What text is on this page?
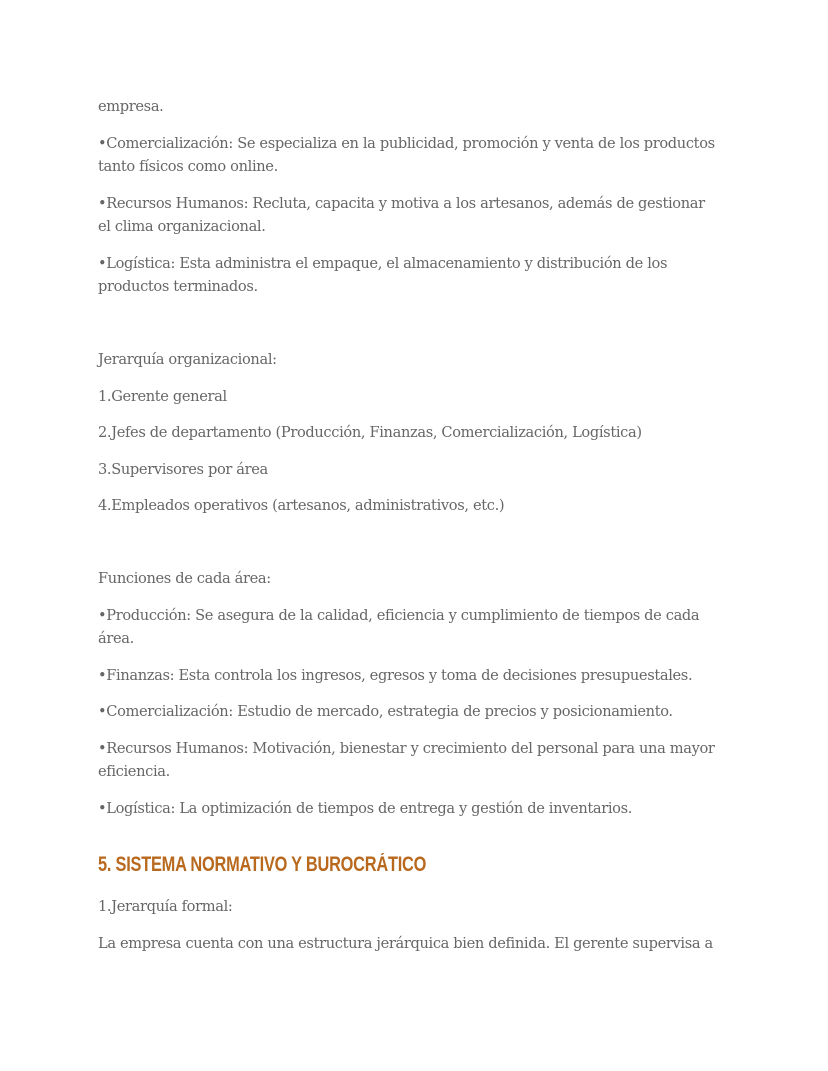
empresa.

•Comercialización: Se especializa en la publicidad, promoción y venta de los productos tanto físicos como online.

•Recursos Humanos: Recluta, capacita y motiva a los artesanos, además de gestionar el clima organizacional.

•Logística: Esta administra el empaque, el almacenamiento y distribución de los productos terminados.

Jerarquía organizacional:

1.Gerente general

2.Jefes de departamento (Producción, Finanzas, Comercialización, Logística)

3.Supervisores por área

4.Empleados operativos (artesanos, administrativos, etc.)

Funciones de cada área:

•Producción: Se asegura de la calidad, eficiencia y cumplimiento de tiempos de cada área.

•Finanzas: Esta controla los ingresos, egresos y toma de decisiones presupuestales.

•Comercialización: Estudio de mercado, estrategia de precios y posicionamiento.

•Recursos Humanos: Motivación, bienestar y crecimiento del personal para una mayor eficiencia.

•Logística: La optimización de tiempos de entrega y gestión de inventarios.

5. SISTEMA NORMATIVO Y BUROCRÁTICO

1.Jerarquía formal:

La empresa cuenta con una estructura jerárquica bien definida. El gerente supervisa a
